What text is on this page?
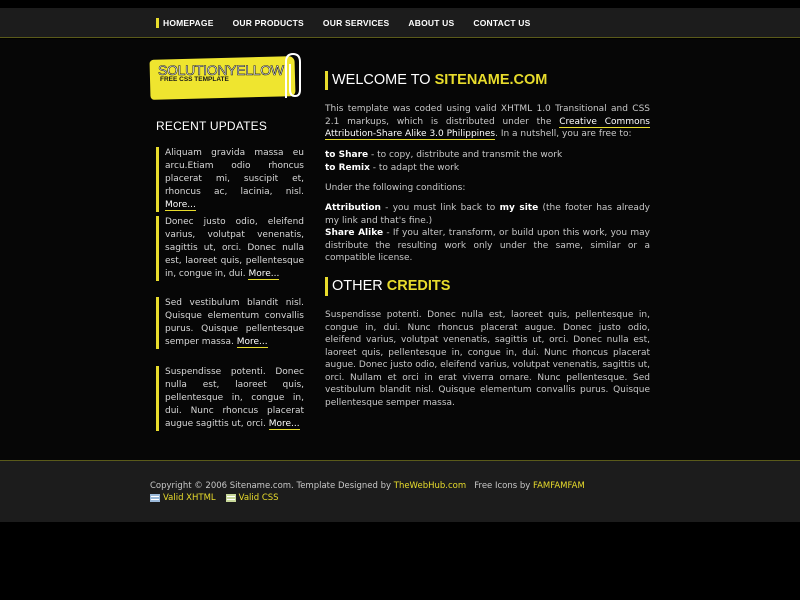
HOMEPAGE OUR PRODUCTS OUR SERVICES ABOUT US CONTACT US
SOLUTIONYELLOW
FREE CSS TEMPLATE
RECENT UPDATES
Aliquam gravida massa eu arcu.Etiam odio rhoncus placerat mi, suscipit et, rhoncus ac, lacinia, nisl. More...
Donec justo odio, eleifend varius, volutpat venenatis, sagittis ut, orci. Donec nulla est, laoreet quis, pellentesque in, congue in, dui. More...
Sed vestibulum blandit nisl. Quisque elementum convallis purus. Quisque pellentesque semper massa. More...
Suspendisse potenti. Donec nulla est, laoreet quis, pellentesque in, congue in, dui. Nunc rhoncus placerat augue sagittis ut, orci. More...
WELCOME TO SITENAME.COM
This template was coded using valid XHTML 1.0 Transitional and CSS 2.1 markups, which is distributed under the Creative Commons Attribution-Share Alike 3.0 Philippines. In a nutshell, you are free to:
to Share - to copy, distribute and transmit the work
to Remix - to adapt the work
Under the following conditions:
Attribution - you must link back to my site (the footer has already my link and that's fine.)
Share Alike - If you alter, transform, or build upon this work, you may distribute the resulting work only under the same, similar or a compatible license.
OTHER CREDITS
Suspendisse potenti. Donec nulla est, laoreet quis, pellentesque in, congue in, dui. Nunc rhoncus placerat augue. Donec justo odio, eleifend varius, volutpat venenatis, sagittis ut, orci. Donec nulla est, laoreet quis, pellentesque in, congue in, dui. Nunc rhoncus placerat augue. Donec justo odio, eleifend varius, volutpat venenatis, sagittis ut, orci. Nullam et orci in erat viverra ornare. Nunc pellentesque. Sed vestibulum blandit nisl. Quisque elementum convallis purus. Quisque pellentesque semper massa.
Copyright © 2006 Sitename.com. Template Designed by TheWebHub.com Free Icons by FAMFAMFAM
Valid XHTML	Valid CSS
